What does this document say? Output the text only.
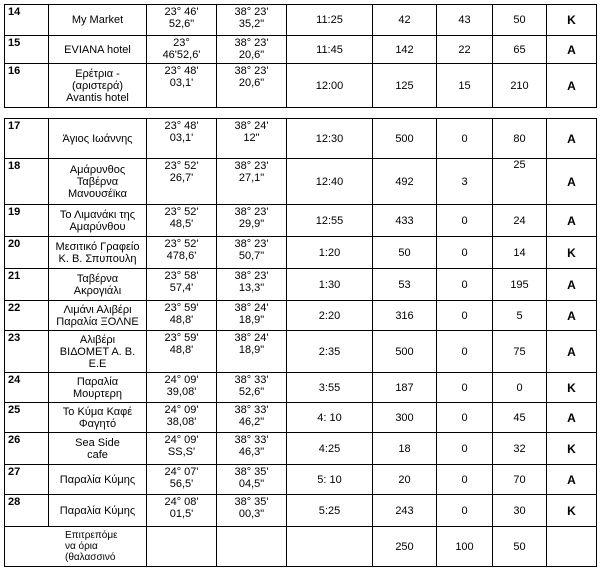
14	My Market	23° 46'
52,6"	38° 23'
35,2"	11:25	42	43	50	K
15	EVIANA hotel	23°
46'52,6'	38° 23'
20,6"	11:45	142	22	65	A
16	Ερέτρια -
(αριστερά)
Avantis hotel	23° 48'
03,1'	38° 23'
20,6"	12:00	125	15	210	A
17	Άγιος Ιωάννης	23° 48'
03,1'	38° 24'
12"	12:30	500	0	80	A
18	Αμάρυνθος
Ταβέρνα
Μανουσέϊκα	23° 52'
26,7'	38° 23'
27,1"	12:40	492	3	25	A
19	Το Λιμανάκι της
Αμαρύνθου	23° 52'
48,5'	38° 23'
29,9"	12:55	433	0	24	A
20	Μεσιτικό Γραφείο
Κ. Β. Σπυπουλη	23° 52'
478,6'	38° 23'
50,7"	1:20	50	0	14	K
21	Ταβέρνα
Ακρογιάλι	23° 58'
57,4'	38° 23'
13,3"	1:30	53	0	195	A
22	Λιμάνι Αλιβέρι
Παραλία ΞΟΛΝΕ	23° 59'
48,8'	38° 24'
18,9"	2:20	316	0	5	A
23	Αλιβέρι
ΒΙΔΟΜΕΤ Α. Β.
Ε.Ε	23° 59'
48,8'	38° 24'
18,9"	2:35	500	0	75	A
24	Παραλία
Μουρτερη	24° 09'
39,08'	38° 33'
52,6"	3:55	187	0	0	K
25	Το Κύμα Καφέ
Φαγητό	24° 09'
38,08'	38° 33'
46,2"	4: 10	300	0	45	A
26	Sea Side
cafe	24° 09'
SS,S'	38° 33'
46,3"	4:25	18	0	32	K
27	Παραλία Κύμης	24° 07'
56,5'	38° 35'
04,5"	5: 10	20	0	70	A
28	Παραλία Κύμης	24° 08'
01,5'	38° 35'
00,3"	5:25	243	0	30	K
Επιτρεπόμε
να όρια
(θαλασσινό					250	100	50	
